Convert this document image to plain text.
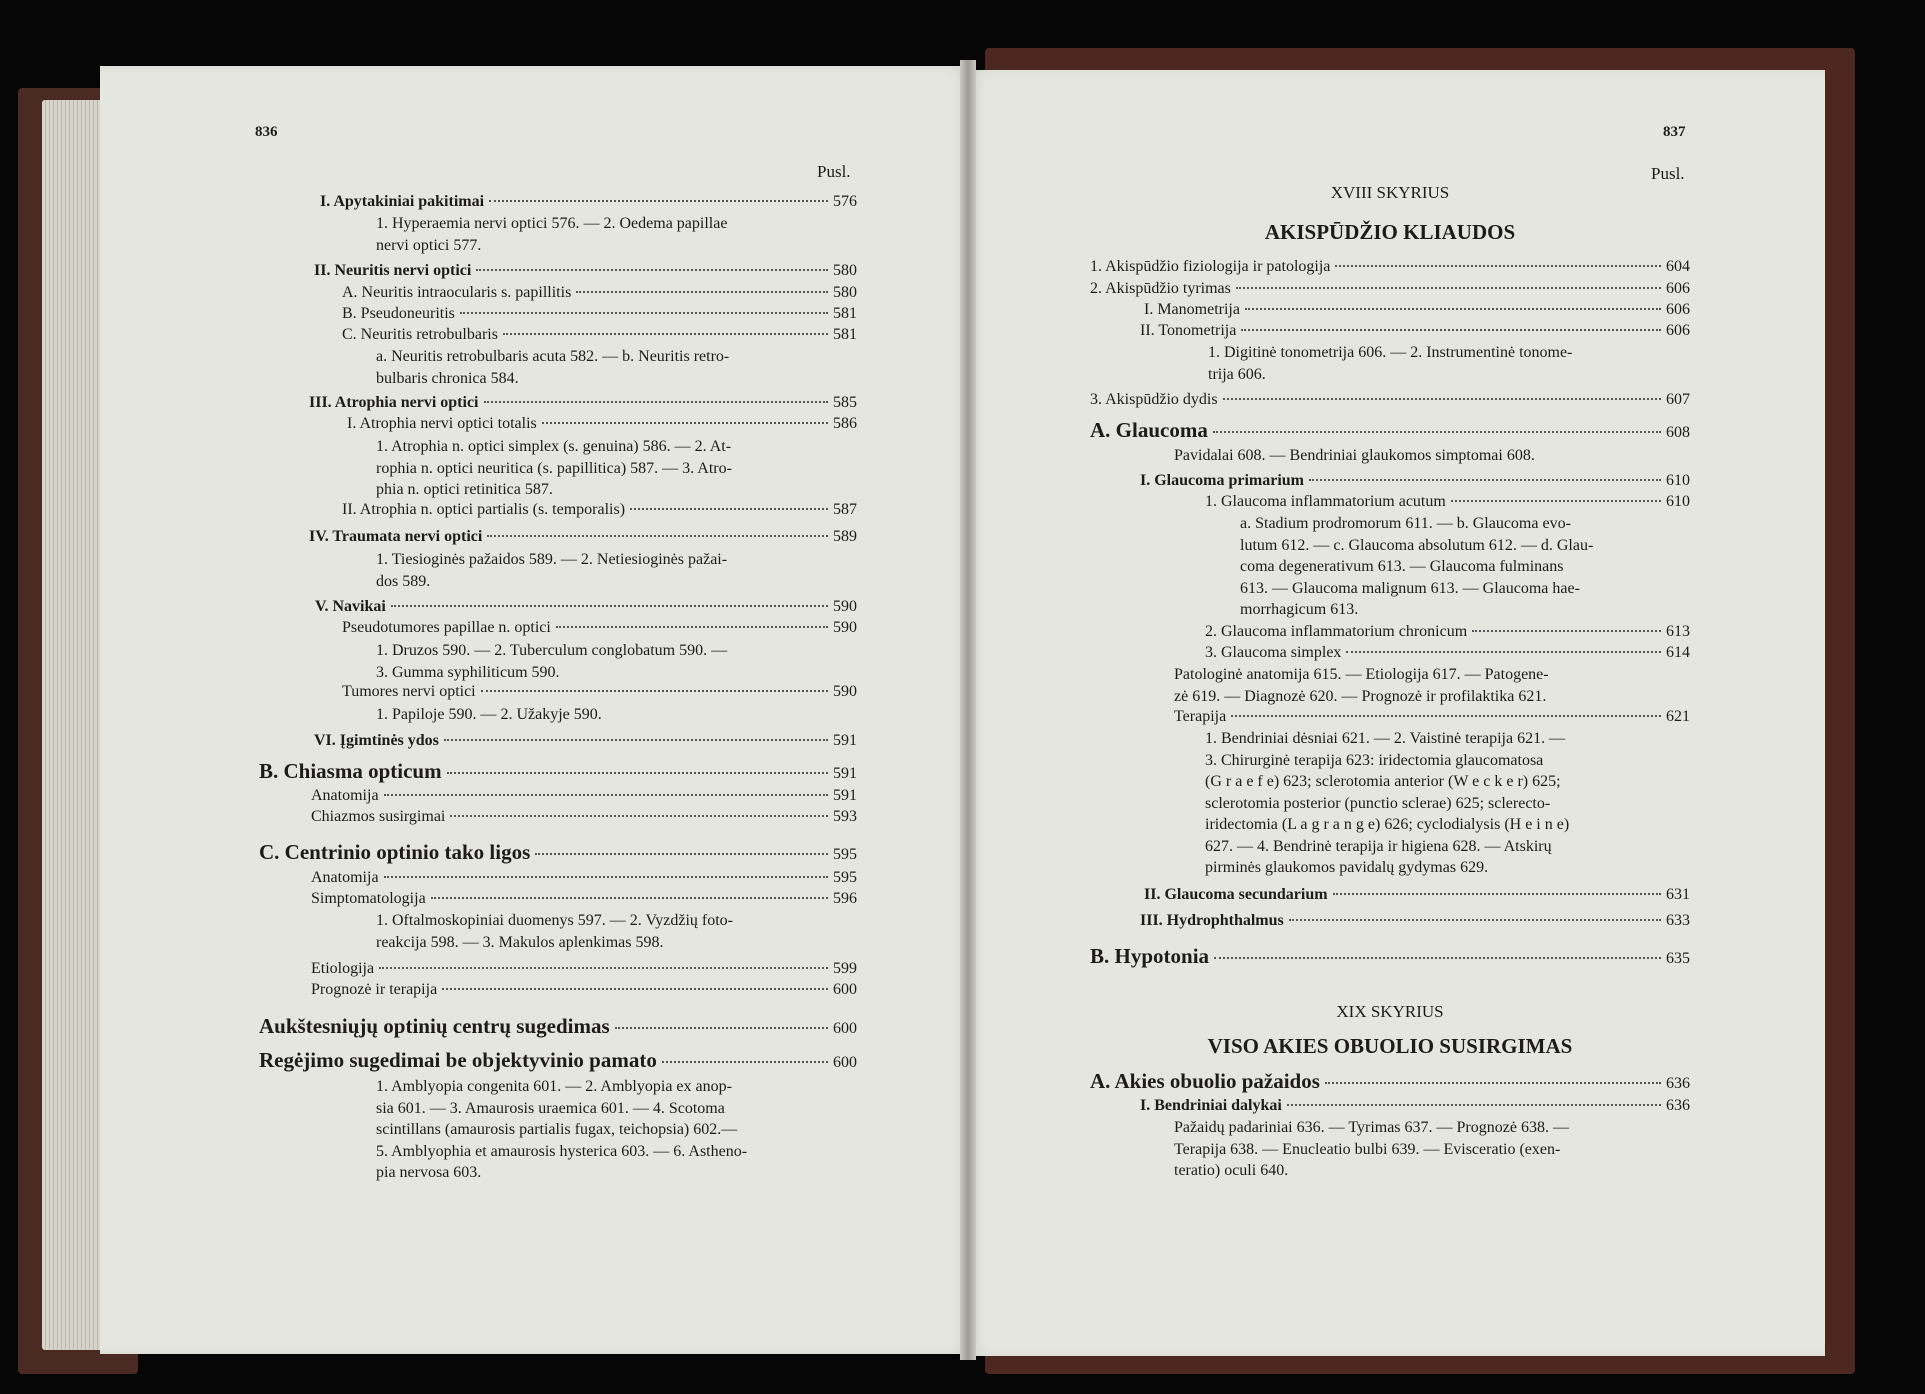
836
Pusl.
I. Apytakiniai pakitimai	576
1. Hyperaemia nervi optici 576. — 2. Oedema papillae
nervi optici 577.
II. Neuritis nervi optici	580
A. Neuritis intraocularis s. papillitis	580
B. Pseudoneuritis	581
C. Neuritis retrobulbaris	581
a. Neuritis retrobulbaris acuta 582. — b. Neuritis retro-
bulbaris chronica 584.
III. Atrophia nervi optici	585
I. Atrophia nervi optici totalis	586
1. Atrophia n. optici simplex (s. genuina) 586. — 2. At-
rophia n. optici neuritica (s. papillitica) 587. — 3. Atro-
phia n. optici retinitica 587.
II. Atrophia n. optici partialis (s. temporalis)	587
IV. Traumata nervi optici	589
1. Tiesioginės pažaidos 589. — 2. Netiesioginės pažai-
dos 589.
V. Navikai	590
Pseudotumores papillae n. optici	590
1. Druzos 590. — 2. Tuberculum conglobatum 590. —
3. Gumma syphiliticum 590.
Tumores nervi optici	590
1. Papiloje 590. — 2. Užakyje 590.
VI. Įgimtinės ydos	591
B. Chiasma opticum	591
Anatomija	591
Chiazmos susirgimai	593
C. Centrinio optinio tako ligos	595
Anatomija	595
Simptomatologija	596
1. Oftalmoskopiniai duomenys 597. — 2. Vyzdžių foto-
reakcija 598. — 3. Makulos aplenkimas 598.
Etiologija	599
Prognozė ir terapija	600
Aukštesniųjų optinių centrų sugedimas	600
Regėjimo sugedimai be objektyvinio pamato	600
1. Amblyopia congenita 601. — 2. Amblyopia ex anop-
sia 601. — 3. Amaurosis uraemica 601. — 4. Scotoma
scintillans (amaurosis partialis fugax, teichopsia) 602.—
5. Amblyophia et amaurosis hysterica 603. — 6. Astheno-
pia nervosa 603.
837
Pusl.
XVIII SKYRIUS
AKISPŪDŽIO KLIAUDOS
1. Akispūdžio fiziologija ir patologija	604
2. Akispūdžio tyrimas	606
I. Manometrija	606
II. Tonometrija	606
1. Digitinė tonometrija 606. — 2. Instrumentinė tonome-
trija 606.
3. Akispūdžio dydis	607
A. Glaucoma	608
Pavidalai 608. — Bendriniai glaukomos simptomai 608.
I. Glaucoma primarium	610
1. Glaucoma inflammatorium acutum	610
a. Stadium prodromorum 611. — b. Glaucoma evo-
lutum 612. — c. Glaucoma absolutum 612. — d. Glau-
coma degenerativum 613. — Glaucoma fulminans
613. — Glaucoma malignum 613. — Glaucoma hae-
morrhagicum 613.
2. Glaucoma inflammatorium chronicum	613
3. Glaucoma simplex	614
Patologinė anatomija 615. — Etiologija 617. — Patogene-
zė 619. — Diagnozė 620. — Prognozė ir profilaktika 621.
Terapija	621
1. Bendriniai dėsniai 621. — 2. Vaistinė terapija 621. —
3. Chirurginė terapija 623: iridectomia glaucomatosa
(G r a e f e) 623; sclerotomia anterior (W e c k e r) 625;
sclerotomia posterior (punctio sclerae) 625; sclerecto-
iridectomia (L a g r a n g e) 626; cyclodialysis (H e i n e)
627. — 4. Bendrinė terapija ir higiena 628. — Atskirų
pirminės glaukomos pavidalų gydymas 629.
II. Glaucoma secundarium	631
III. Hydrophthalmus	633
B. Hypotonia	635
XIX SKYRIUS
VISO AKIES OBUOLIO SUSIRGIMAS
A. Akies obuolio pažaidos	636
I. Bendriniai dalykai	636
Pažaidų padariniai 636. — Tyrimas 637. — Prognozė 638. —
Terapija 638. — Enucleatio bulbi 639. — Evisceratio (exen-
teratio) oculi 640.
